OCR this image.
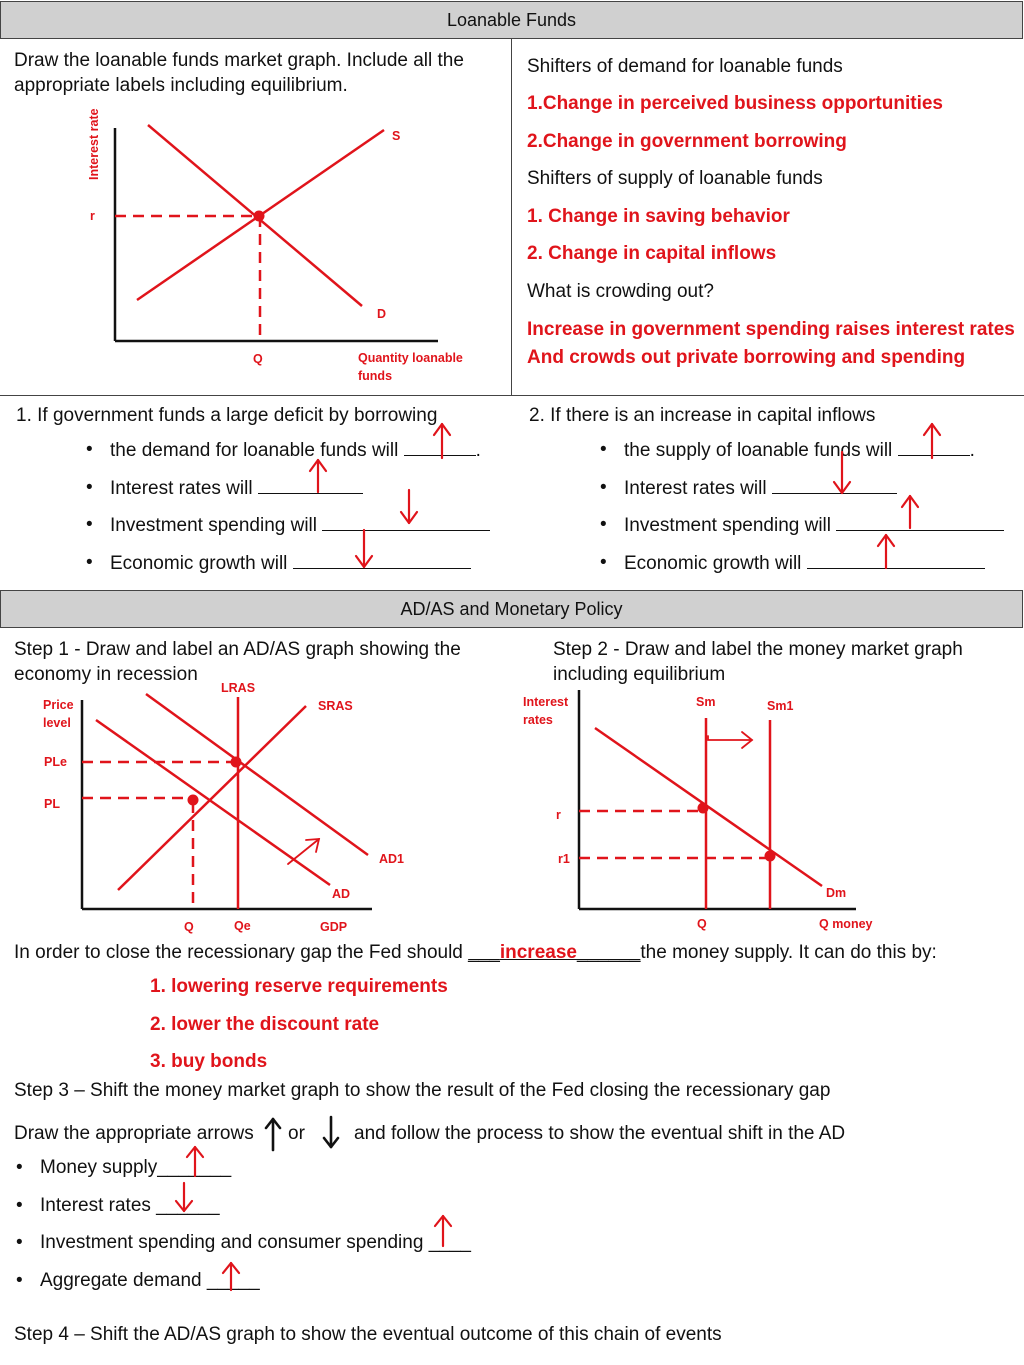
Loanable Funds
Draw the loanable funds market graph. Include all the
appropriate labels including equilibrium.
Interest rate
r
Q
S
D
Quantity loanable
funds
Shifters of demand for loanable funds
1.Change in perceived business opportunities
2.Change in government borrowing
Shifters of supply of loanable funds
1. Change in saving behavior
2. Change in capital inflows
What is crowding out?
Increase in government spending raises interest rates
And crowds out private borrowing and spending
1. If government funds a large deficit by borrowing
• the demand for loanable funds will	.
• Interest rates will
• Investment spending will
• Economic growth will
2. If there is an increase in capital inflows
• the supply of loanable funds will	.
• Interest rates will
• Investment spending will
• Economic growth will
AD/AS and Monetary Policy
Step 1 - Draw and label an AD/AS graph showing the
economy in recession
Step 2 - Draw and label the money market graph
including equilibrium
Price
level
LRAS
SRAS
PLe
PL
AD1
AD
Q	Qe	GDP
Interest
rates
Sm	Sm1
r
r1
Dm
Q	Q money
In order to close the recessionary gap the Fed should ___increase______the money supply. It can do this by:
1. lowering reserve requirements
2. lower the discount rate
3. buy bonds
Step 3 – Shift the money market graph to show the result of the Fed closing the recessionary gap
Draw the appropriate arrows or	and follow the process to show the eventual shift in the AD
• Money supply_______
• Interest rates ______
• Investment spending and consumer spending ____
• Aggregate demand _____
Step 4 – Shift the AD/AS graph to show the eventual outcome of this chain of events
